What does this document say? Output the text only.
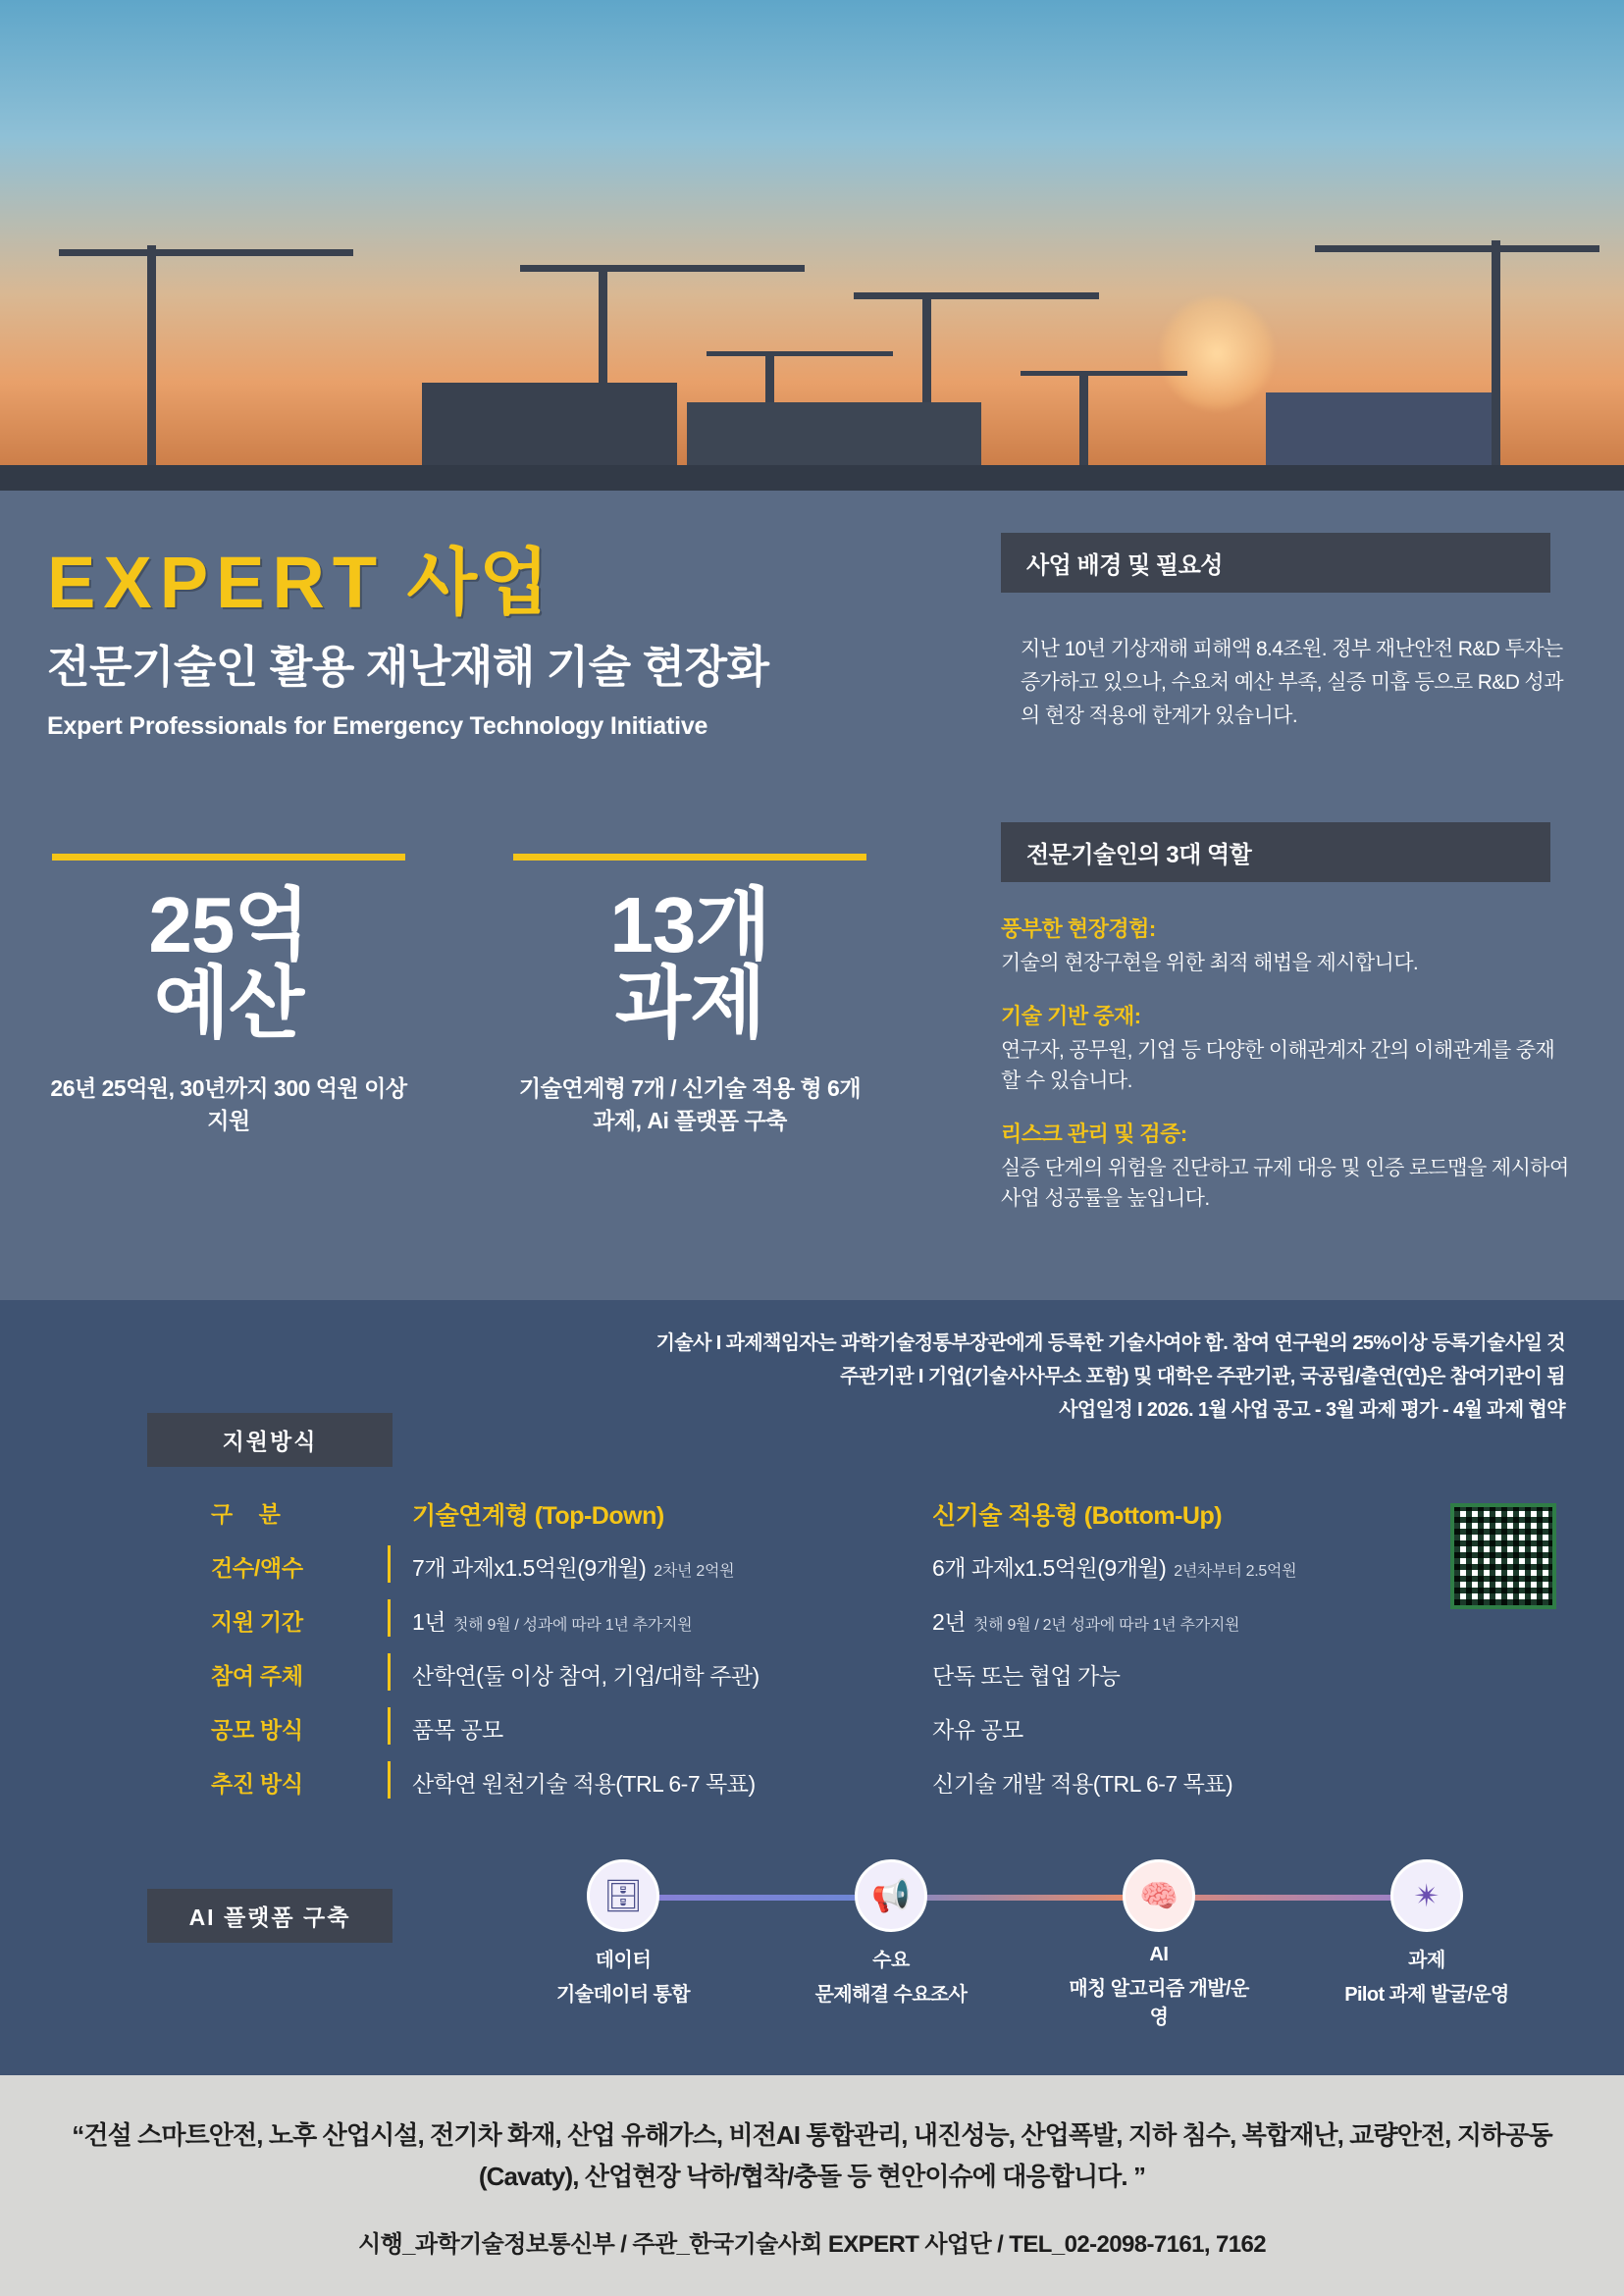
EXPERT 사업
전문기술인 활용 재난재해 기술 현장화
Expert Professionals for Emergency Technology Initiative
25억
예산
26년 25억원, 30년까지 300 억원 이상 지원
13개
과제
기술연계형 7개 / 신기술 적용 형 6개 과제, Ai 플랫폼 구축
사업 배경 및 필요성
지난 10년 기상재해 피해액 8.4조원. 정부 재난안전 R&D 투자는 증가하고 있으나, 수요처 예산 부족, 실증 미흡 등으로 R&D 성과의 현장 적용에 한계가 있습니다.
전문기술인의 3대 역할
풍부한 현장경험:
기술의 현장구현을 위한 최적 해법을 제시합니다.
기술 기반 중재:
연구자, 공무원, 기업 등 다양한 이해관계자 간의 이해관계를 중재할 수 있습니다.
리스크 관리 및 검증:
실증 단계의 위험을 진단하고 규제 대응 및 인증 로드맵을 제시하여 사업 성공률을 높입니다.
기술사 I 과제책임자는 과학기술정통부장관에게 등록한 기술사여야 함. 참여 연구원의 25%이상 등록기술사일 것
주관기관 I 기업(기술사사무소 포함) 및 대학은 주관기관, 국공립/출연(연)은 참여기관이 됨
사업일정 I 2026. 1월 사업 공고 - 3월 과제 평가 - 4월 과제 협약
지원방식
구 분	기술연계형 (Top-Down)	신기술 적용형 (Bottom-Up)
건수/액수	7개 과제x1.5억원(9개월) 2차년 2억원	6개 과제x1.5억원(9개월) 2년차부터 2.5억원
지원 기간	1년 첫해 9월 / 성과에 따라 1년 추가지원	2년 첫해 9월 / 2년 성과에 따라 1년 추가지원
참여 주체	산학연(둘 이상 참여, 기업/대학 주관)	단독 또는 협업 가능
공모 방식	품목 공모	자유 공모
추진 방식	산학연 원천기술 적용(TRL 6-7 목표)	신기술 개발 적용(TRL 6-7 목표)
AI 플랫폼 구축
🗄
데이터
기술데이터 통합
📢
수요
문제해결 수요조사
🧠
AI
매칭 알고리즘 개발/운영
✴
과제
Pilot 과제 발굴/운영
“건설 스마트안전, 노후 산업시설, 전기차 화재, 산업 유해가스, 비전AI 통합관리, 내진성능, 산업폭발, 지하 침수, 복합재난, 교량안전, 지하공동(Cavaty), 산업현장 낙하/협착/충돌 등 현안이슈에 대응합니다. ”
시행_과학기술정보통신부 / 주관_한국기술사회 EXPERT 사업단 / TEL_02-2098-7161, 7162
